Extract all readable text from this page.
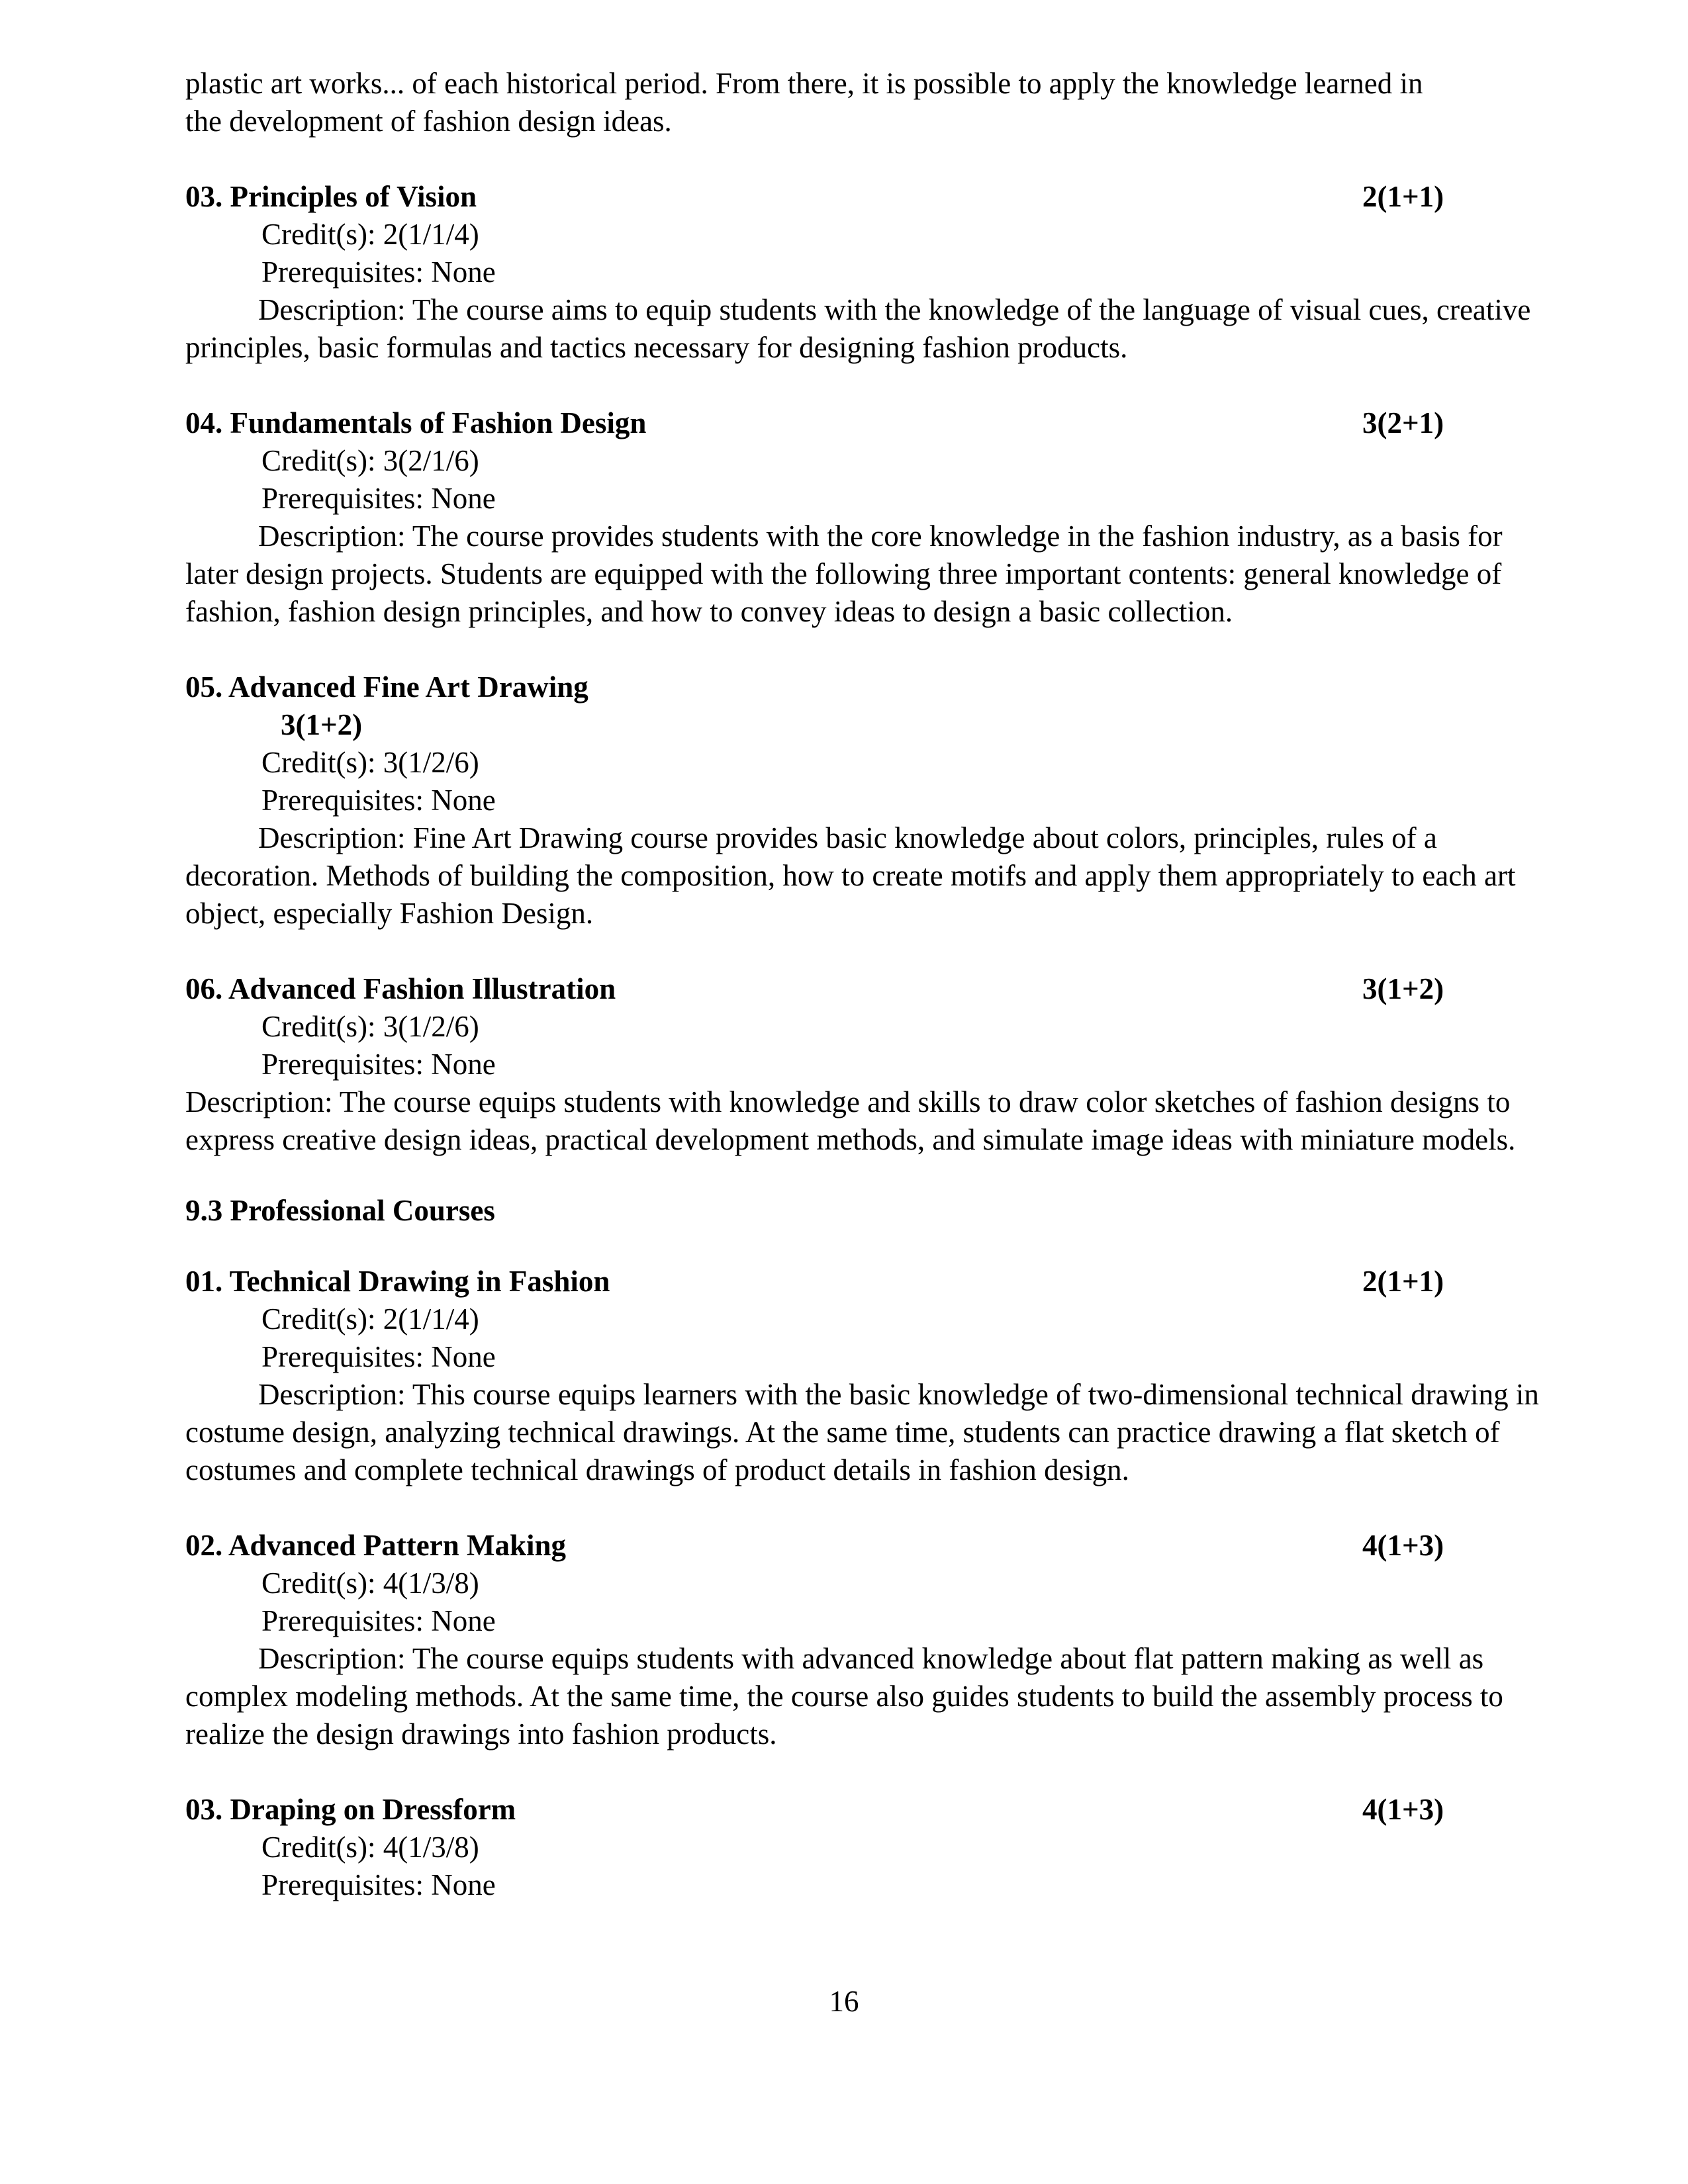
plastic art works... of each historical period. From there, it is possible to apply the knowledge learned in

the development of fashion design ideas.

03. Principles of Vision	2(1+1)
Credit(s): 2(1/1/4)
Prerequisites: None

Description: The course aims to equip students with the knowledge of the language of visual cues, creative principles, basic formulas and tactics necessary for designing fashion products.

04. Fundamentals of Fashion Design	3(2+1)
Credit(s): 3(2/1/6)
Prerequisites: None

Description: The course provides students with the core knowledge in the fashion industry, as a basis for later design projects. Students are equipped with the following three important contents: general knowledge of fashion, fashion design principles, and how to convey ideas to design a basic collection.

05. Advanced Fine Art Drawing
3(1+2)
Credit(s): 3(1/2/6)
Prerequisites: None

Description: Fine Art Drawing course provides basic knowledge about colors, principles, rules of a decoration. Methods of building the composition, how to create motifs and apply them appropriately to each art object, especially Fashion Design.

06. Advanced Fashion Illustration	3(1+2)
Credit(s): 3(1/2/6)
Prerequisites: None

Description: The course equips students with knowledge and skills to draw color sketches of fashion designs to express creative design ideas, practical development methods, and simulate image ideas with miniature models.

9.3 Professional Courses

01. Technical Drawing in Fashion	2(1+1)
Credit(s): 2(1/1/4)
Prerequisites: None

Description: This course equips learners with the basic knowledge of two-dimensional technical drawing in costume design, analyzing technical drawings. At the same time, students can practice drawing a flat sketch of costumes and complete technical drawings of product details in fashion design.

02. Advanced Pattern Making	4(1+3)
Credit(s): 4(1/3/8)
Prerequisites: None

Description: The course equips students with advanced knowledge about flat pattern making as well as complex modeling methods. At the same time, the course also guides students to build the assembly process to realize the design drawings into fashion products.

03. Draping on Dressform	4(1+3)
Credit(s): 4(1/3/8)
Prerequisites: None
16
